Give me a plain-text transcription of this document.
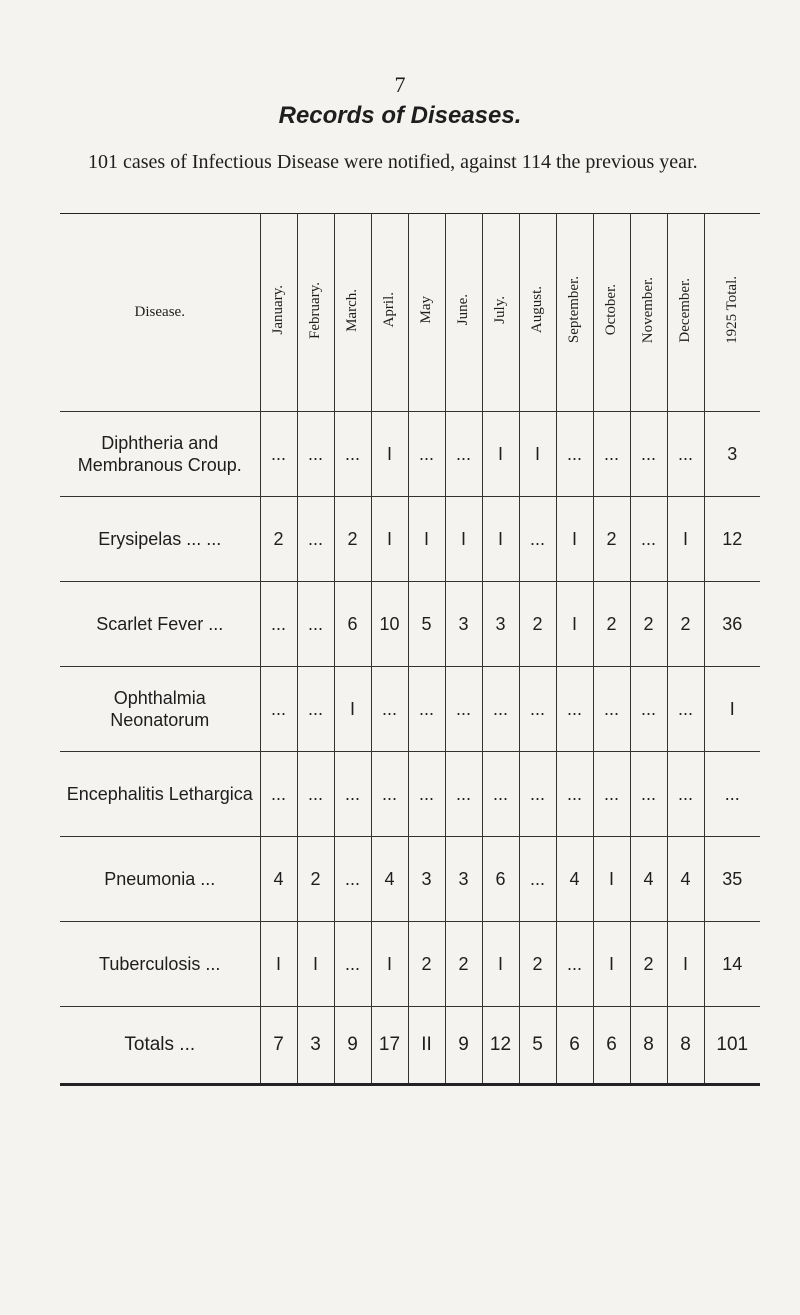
7
Records of Diseases.
101 cases of Infectious Disease were notified, against 114 the previous year.
Disease.	January.	February.	March.	April.	May	June.	July.	August.	September.	October.	November.	December.	1925 Total.
Diphtheria and Membranous Croup.	...	...	...	I	...	...	I	I	...	...	...	...	3
Erysipelas ... ...	2	...	2	I	I	I	I	...	I	2	...	I	12
Scarlet Fever ...	...	...	6	10	5	3	3	2	I	2	2	2	36
Ophthalmia Neonatorum	...	...	I	...	...	...	...	...	...	...	...	...	I
Encephalitis Lethargica	...	...	...	...	...	...	...	...	...	...	...	...	...
Pneumonia ...	4	2	...	4	3	3	6	...	4	I	4	4	35
Tuberculosis ...	I	I	...	I	2	2	I	2	...	I	2	I	14
Totals ...	7	3	9	17	II	9	12	5	6	6	8	8	101
